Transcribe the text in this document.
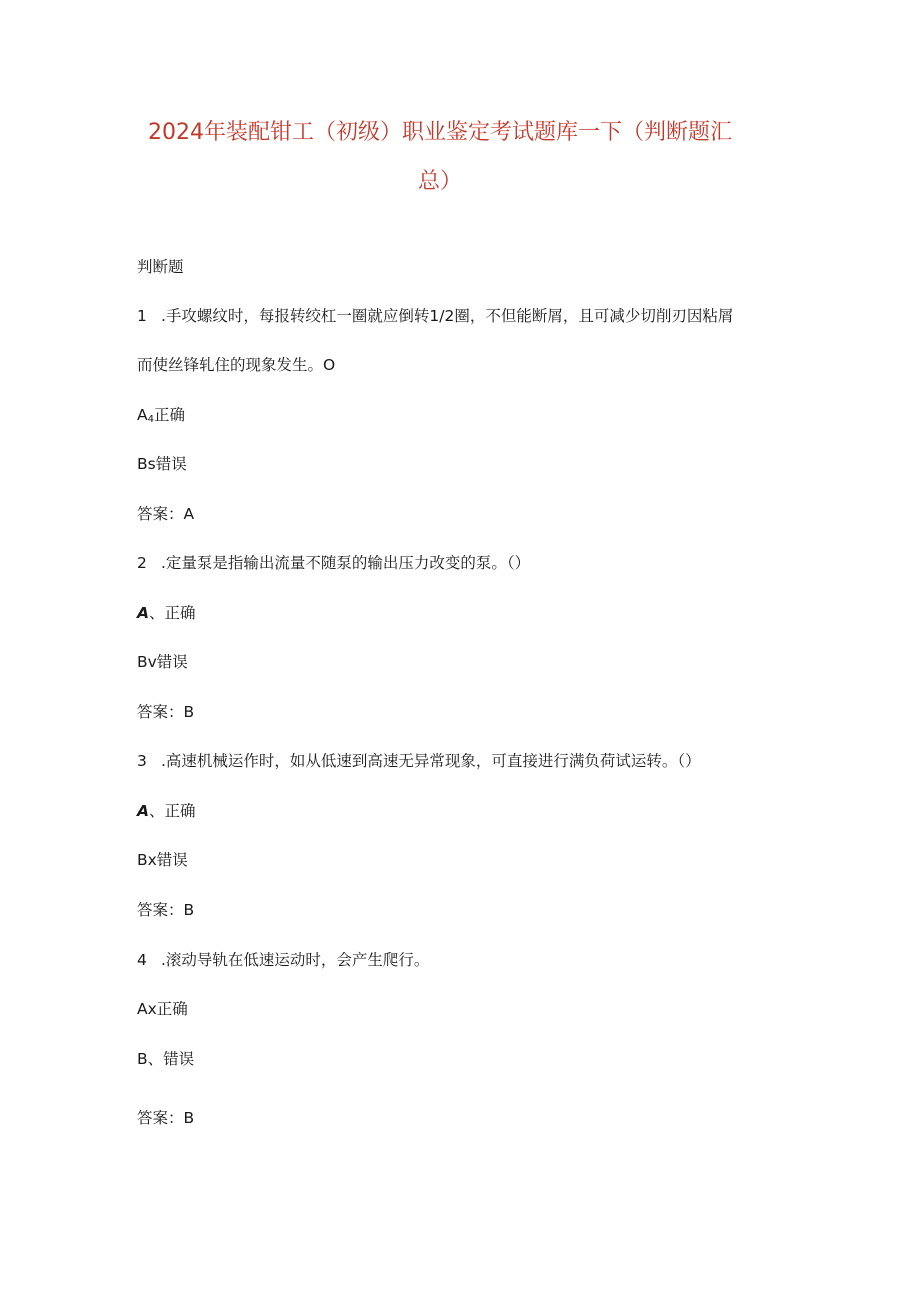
2024年装配钳工（初级）职业鉴定考试题库一下（判断题汇
总）
判断题
1 .手攻螺纹时，每报转绞杠一圈就应倒转1/2圈，不但能断屑，且可减少切削刃因粘屑
而使丝锋轧住的现象发生。O
$A_4$正确
Bs错误
答案：A
2 .定量泵是指输出流量不随泵的输出压力改变的泵。（）
A、正确
Bv错误
答案：B
3 .高速机械运作时，如从低速到高速无异常现象，可直接进行满负荷试运转。（）
A、正确
Bx错误
答案：B
4 .滚动导轨在低速运动时，会产生爬行。
Ax正确
B、错误
答案：B
